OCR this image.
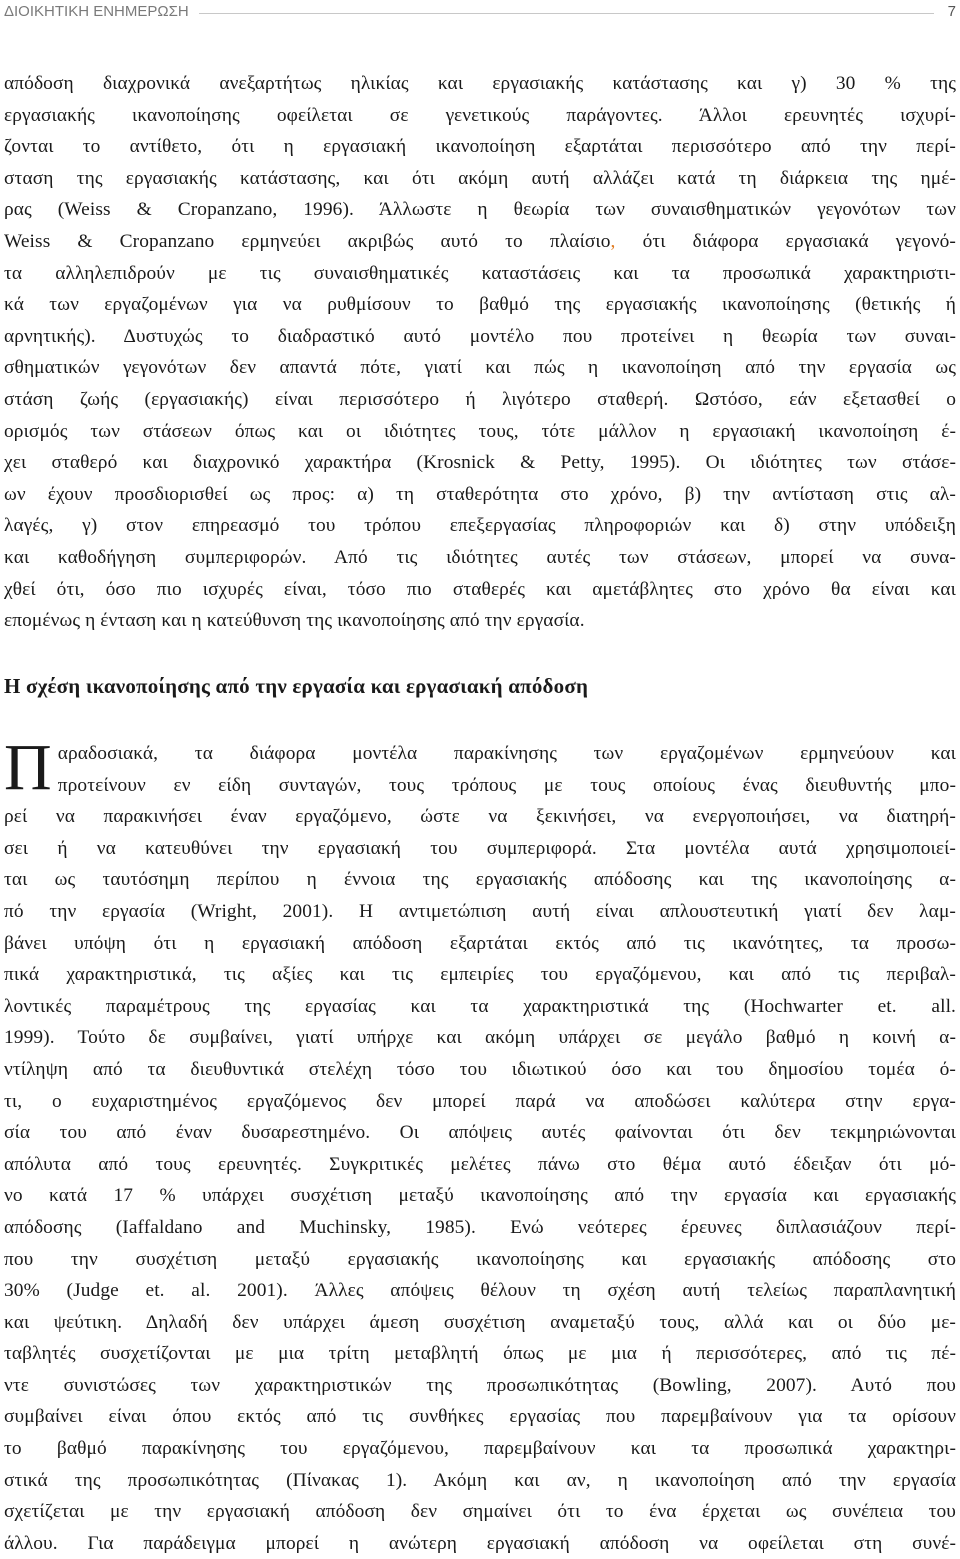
ΔΙΟΙΚΗΤΙΚΗ ΕΝΗΜΕΡΩΣΗ	7
απόδοση διαχρονικά ανεξαρτήτως ηλικίας και εργασιακής κατάστασης και γ) 30 % της
εργασιακής ικανοποίησης οφείλεται σε γενετικούς παράγοντες. Άλλοι ερευνητές ισχυρί-
ζονται το αντίθετο, ότι η εργασιακή ικανοποίηση εξαρτάται περισσότερο από την περί-
σταση της εργασιακής κατάστασης, και ότι ακόμη αυτή αλλάζει κατά τη διάρκεια της ημέ-
ρας (Weiss & Cropanzano, 1996). Άλλωστε η θεωρία των συναισθηματικών γεγονότων των
Weiss & Cropanzano ερμηνεύει ακριβώς αυτό το πλαίσιο, ότι διάφορα εργασιακά γεγονό-
τα αλληλεπιδρούν με τις συναισθηματικές καταστάσεις και τα προσωπικά χαρακτηριστι-
κά των εργαζομένων για να ρυθμίσουν το βαθμό της εργασιακής ικανοποίησης (θετικής ή
αρνητικής). Δυστυχώς το διαδραστικό αυτό μοντέλο που προτείνει η θεωρία των συναι-
σθηματικών γεγονότων δεν απαντά πότε, γιατί και πώς η ικανοποίηση από την εργασία ως
στάση ζωής (εργασιακής) είναι περισσότερο ή λιγότερο σταθερή. Ωστόσο, εάν εξετασθεί ο
ορισμός των στάσεων όπως και οι ιδιότητες τους, τότε μάλλον η εργασιακή ικανοποίηση έ-
χει σταθερό και διαχρονικό χαρακτήρα (Krosnick & Petty, 1995). Οι ιδιότητες των στάσε-
ων έχουν προσδιορισθεί ως προς: α) τη σταθερότητα στο χρόνο, β) την αντίσταση στις αλ-
λαγές, γ) στον επηρεασμό του τρόπου επεξεργασίας πληροφοριών και δ) στην υπόδειξη
και καθοδήγηση συμπεριφορών. Από τις ιδιότητες αυτές των στάσεων, μπορεί να συνα-
χθεί ότι, όσο πιο ισχυρές είναι, τόσο πιο σταθερές και αμετάβλητες στο χρόνο θα είναι και
επομένως η ένταση και η κατεύθυνση της ικανοποίησης από την εργασία.
Η σχέση ικανοποίησης από την εργασία και εργασιακή απόδοση
Π αραδοσιακά, τα διάφορα μοντέλα παρακίνησης των εργαζομένων ερμηνεύουν και
προτείνουν εν είδη συνταγών, τους τρόπους με τους οποίους ένας διευθυντής μπο-
ρεί να παρακινήσει έναν εργαζόμενο, ώστε να ξεκινήσει, να ενεργοποιήσει, να διατηρή-
σει ή να κατευθύνει την εργασιακή του συμπεριφορά. Στα μοντέλα αυτά χρησιμοποιεί-
ται ως ταυτόσημη περίπου η έννοια της εργασιακής απόδοσης και της ικανοποίησης α-
πό την εργασία (Wright, 2001). Η αντιμετώπιση αυτή είναι απλουστευτική γιατί δεν λαμ-
βάνει υπόψη ότι η εργασιακή απόδοση εξαρτάται εκτός από τις ικανότητες, τα προσω-
πικά χαρακτηριστικά, τις αξίες και τις εμπειρίες του εργαζόμενου, και από τις περιβαλ-
λοντικές παραμέτρους της εργασίας και τα χαρακτηριστικά της (Hochwarter et. all.
1999). Τούτο δε συμβαίνει, γιατί υπήρχε και ακόμη υπάρχει σε μεγάλο βαθμό η κοινή α-
ντίληψη από τα διευθυντικά στελέχη τόσο του ιδιωτικού όσο και του δημοσίου τομέα ό-
τι, ο ευχαριστημένος εργαζόμενος δεν μπορεί παρά να αποδώσει καλύτερα στην εργα-
σία του από έναν δυσαρεστημένο. Οι απόψεις αυτές φαίνονται ότι δεν τεκμηριώνονται
απόλυτα από τους ερευνητές. Συγκριτικές μελέτες πάνω στο θέμα αυτό έδειξαν ότι μό-
νο κατά 17 % υπάρχει συσχέτιση μεταξύ ικανοποίησης από την εργασία και εργασιακής
απόδοσης (Iaffaldano and Muchinsky, 1985). Ενώ νεότερες έρευνες διπλασιάζουν περί-
που την συσχέτιση μεταξύ εργασιακής ικανοποίησης και εργασιακής απόδοσης στο
30% (Judge et. al. 2001). Άλλες απόψεις θέλουν τη σχέση αυτή τελείως παραπλανητική
και ψεύτικη. Δηλαδή δεν υπάρχει άμεση συσχέτιση αναμεταξύ τους, αλλά και οι δύο με-
ταβλητές συσχετίζονται με μια τρίτη μεταβλητή όπως με μια ή περισσότερες, από τις πέ-
ντε συνιστώσες των χαρακτηριστικών της προσωπικότητας (Bowling, 2007). Αυτό που
συμβαίνει είναι όπου εκτός από τις συνθήκες εργασίας που παρεμβαίνουν για τα ορίσουν
το βαθμό παρακίνησης του εργαζόμενου, παρεμβαίνουν και τα προσωπικά χαρακτηρι-
στικά της προσωπικότητας (Πίνακας 1). Ακόμη και αν, η ικανοποίηση από την εργασία
σχετίζεται με την εργασιακή απόδοση δεν σημαίνει ότι το ένα έρχεται ως συνέπεια του
άλλου. Για παράδειγμα μπορεί η ανώτερη εργασιακή απόδοση να οφείλεται στη συνέ-
